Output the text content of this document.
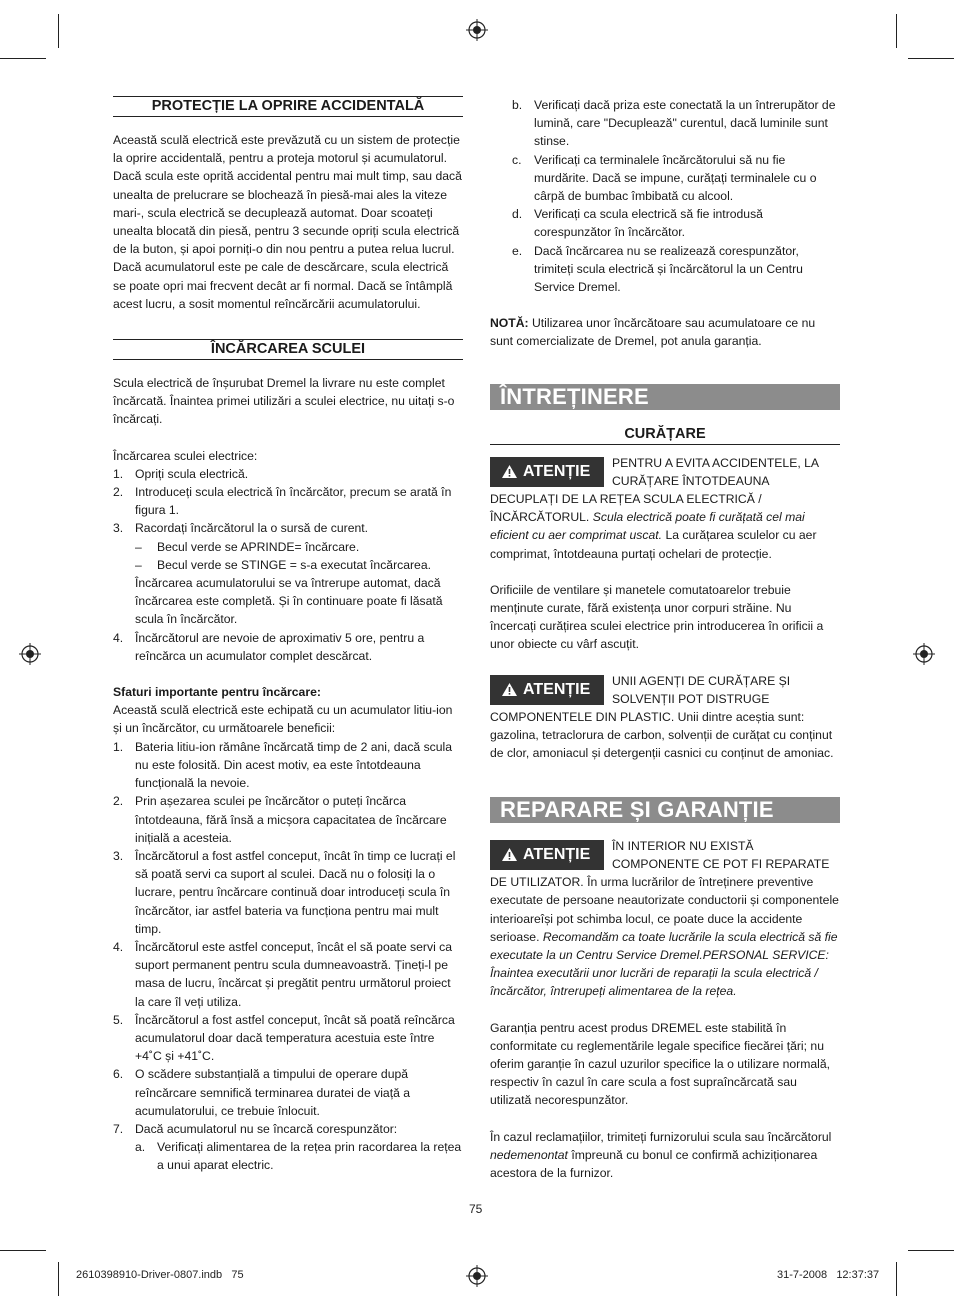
PROTECȚIE LA OPRIRE ACCIDENTALĂ

Această sculă electrică este prevăzută cu un sistem de protecție la oprire accidentală, pentru a proteja motorul și acumulatorul. Dacă scula este oprită accidental pentru mai mult timp, sau dacă unealta de prelucrare se blochează în piesă-mai ales la viteze mari-, scula electrică se decuplează automat. Doar scoateți unealta blocată din piesă, pentru 3 secunde opriți scula electrică de la buton, și apoi porniți-o din nou pentru a putea relua lucrul. Dacă acumulatorul este pe cale de descărcare, scula electrică se poate opri mai frecvent decât ar fi normal. Dacă se întâmplă acest lucru, a sosit momentul reîncărcării acumulatorului.

ÎNCĂRCAREA SCULEI

Scula electrică de înșurubat Dremel la livrare nu este complet încărcată. Înaintea primei utilizări a sculei electrice, nu uitați s-o încărcați.

Încărcarea sculei electrice:

1. Opriți scula electrică.
2. Introduceți scula electrică în încărcător, precum se arată în figura 1.
3. Racordați încărcătorul la o sursă de curent.
– Becul verde se APRINDE= încărcare.
– Becul verde se STINGE = s-a executat încărcarea.
Încărcarea acumulatorului se va întrerupe automat, dacă încărcarea este completă. Și în continuare poate fi lăsată scula în încărcător.
4. Încărcătorul are nevoie de aproximativ 5 ore, pentru a reîncărca un acumulator complet descărcat.

Sfaturi importante pentru încărcare:

Această sculă electrică este echipată cu un acumulator litiu-ion și un încărcător, cu următoarele beneficii:

1. Bateria litiu-ion rămâne încărcată timp de 2 ani, dacă scula nu este folosită. Din acest motiv, ea este întotdeauna funcțională la nevoie.
2. Prin așezarea sculei pe încărcător o puteți încărca întotdeauna, fără însă a micșora capacitatea de încărcare inițială a acesteia.
3. Încărcătorul a fost astfel conceput, încât în timp ce lucrați el să poată servi ca suport al sculei. Dacă nu o folosiți la o lucrare, pentru încărcare continuă doar introduceți scula în încărcător, iar astfel bateria va funcționa pentru mai mult timp.
4. Încărcătorul este astfel conceput, încât el să poate servi ca suport permanent pentru scula dumneavoastră. Țineți-l pe masa de lucru, încărcat și pregătit pentru următorul proiect la care îl veți utiliza.
5. Încărcătorul a fost astfel conceput, încât să poată reîncărca acumulatorul doar dacă temperatura acestuia este între +4˚C și +41˚C.
6. O scădere substanțială a timpului de operare după reîncărcare semnifică terminarea duratei de viață a acumulatorului, ce trebuie înlocuit.
7. Dacă acumulatorul nu se încarcă corespunzător:
a. Verificați alimentarea de la rețea prin racordarea la rețea a unui aparat electric.
b. Verificați dacă priza este conectată la un întrerupător de lumină, care "Decuplează" curentul, dacă luminile sunt stinse.
c. Verificați ca terminalele încărcătorului să nu fie murdărite. Dacă se impune, curățați terminalele cu o cârpă de bumbac îmbibată cu alcool.
d. Verificați ca scula electrică să fie introdusă corespunzător în încărcător.
e. Dacă încărcarea nu se realizează corespunzător, trimiteți scula electrică și încărcătorul la un Centru Service Dremel.

NOTĂ: Utilizarea unor încărcătoare sau acumulatoare ce nu sunt comercializate de Dremel, pot anula garanția.

ÎNTREȚINERE
CURĂȚARE
ATENȚIE PENTRU A EVITA ACCIDENTELE, LA CURĂȚARE ÎNTOTDEAUNA DECUPLAȚI DE LA REȚEA SCULA ELECTRICĂ / ÎNCĂRCĂTORUL. Scula electrică poate fi curățată cel mai eficient cu aer comprimat uscat. La curățarea sculelor cu aer comprimat, întotdeauna purtați ochelari de protecție.

Orificiile de ventilare și manetele comutatoarelor trebuie menținute curate, fără existența unor corpuri străine. Nu încercați curățirea sculei electrice prin introducerea în orificii a unor obiecte cu vârf ascuțit.

ATENȚIE UNII AGENȚI DE CURĂȚARE ȘI SOLVENȚII POT DISTRUGE COMPONENTELE DIN PLASTIC. Unii dintre aceștia sunt: gazolina, tetraclorura de carbon, solvenții de curățat cu conținut de clor, amoniacul și detergenții casnici cu conținut de amoniac.
REPARARE ȘI GARANȚIE
ATENȚIE ÎN INTERIOR NU EXISTĂ COMPONENTE CE POT FI REPARATE DE UTILIZATOR. În urma lucrărilor de întreținere preventive executate de persoane neautorizate conductorii și componentele interioareîși pot schimba locul, ce poate duce la accidente serioase. Recomandăm ca toate lucrările la scula electrică să fie executate la un Centru Service Dremel.PERSONAL SERVICE: Înaintea executării unor lucrări de reparații la scula electrică / încărcător, întrerupeți alimentarea de la rețea.

Garanția pentru acest produs DREMEL este stabilită în conformitate cu reglementările legale specifice fiecărei țări; nu oferim garanție în cazul uzurilor specifice la o utilizare normală, respectiv în cazul în care scula a fost supraîncărcată sau utilizată necorespunzător.

În cazul reclamațiilor, trimiteți furnizorului scula sau încărcătorul nedemenontat împreună cu bonul ce confirmă achiziționarea acestora de la furnizor.

75
2610398910-Driver-0807.indb   75	31-7-2008   12:37:37
